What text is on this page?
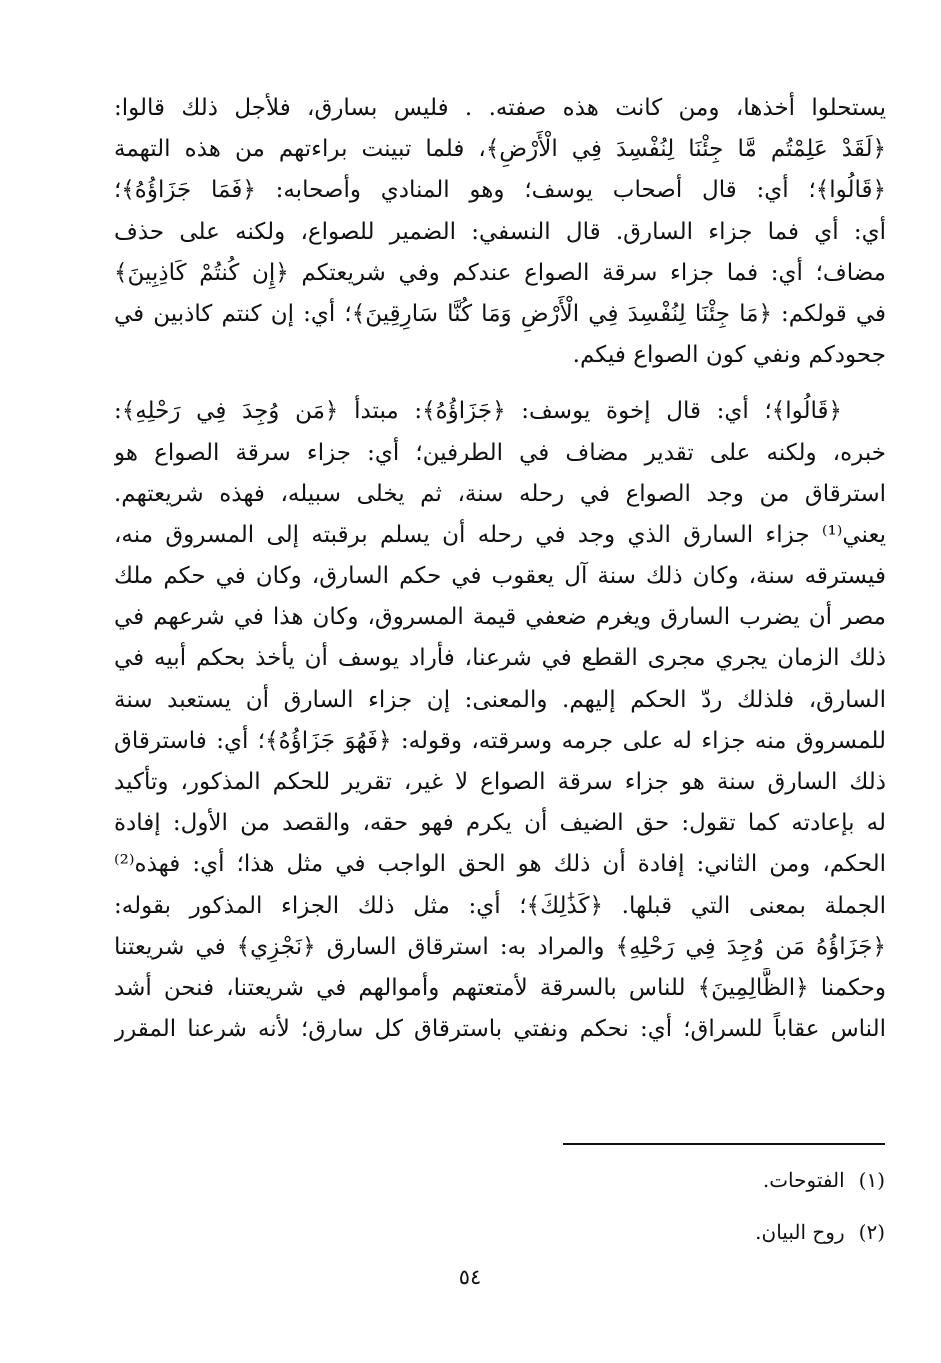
يستحلوا أخذها، ومن كانت هذه صفته. . فليس بسارق، فلأجل ذلك قالوا:
﴿لَقَدْ عَلِمْتُم مَّا جِئْنَا لِنُفْسِدَ فِي الْأَرْضِ﴾، فلما تبينت براءتهم من هذه التهمة
﴿قَالُوا﴾؛ أي: قال أصحاب يوسف؛ وهو المنادي وأصحابه: ﴿فَمَا جَزَاؤُهُ﴾؛
أي: أي فما جزاء السارق. قال النسفي: الضمير للصواع، ولكنه على حذف
مضاف؛ أي: فما جزاء سرقة الصواع عندكم وفي شريعتكم ﴿إِن كُنتُمْ كَاذِبِينَ﴾
في قولكم: ﴿مَا جِئْنَا لِنُفْسِدَ فِي الْأَرْضِ وَمَا كُنَّا سَارِقِينَ﴾؛ أي: إن كنتم كاذبين في
جحودكم ونفي كون الصواع فيكم.
﴿قَالُوا﴾؛ أي: قال إخوة يوسف: ﴿جَزَاؤُهُ﴾: مبتدأ ﴿مَن وُجِدَ فِي رَحْلِهِ﴾:
خبره، ولكنه على تقدير مضاف في الطرفين؛ أي: جزاء سرقة الصواع هو
استرقاق من وجد الصواع في رحله سنة، ثم يخلى سبيله، فهذه شريعتهم.
يعني⁽¹⁾ جزاء السارق الذي وجد في رحله أن يسلم برقبته إلى المسروق منه،
فيسترقه سنة، وكان ذلك سنة آل يعقوب في حكم السارق، وكان في حكم ملك
مصر أن يضرب السارق ويغرم ضعفي قيمة المسروق، وكان هذا في شرعهم في
ذلك الزمان يجري مجرى القطع في شرعنا، فأراد يوسف أن يأخذ بحكم أبيه في
السارق، فلذلك ردّ الحكم إليهم. والمعنى: إن جزاء السارق أن يستعبد سنة
للمسروق منه جزاء له على جرمه وسرقته، وقوله: ﴿فَهُوَ جَزَاؤُهُ﴾؛ أي: فاسترقاق
ذلك السارق سنة هو جزاء سرقة الصواع لا غير، تقرير للحكم المذكور، وتأكيد
له بإعادته كما تقول: حق الضيف أن يكرم فهو حقه، والقصد من الأول: إفادة
الحكم، ومن الثاني: إفادة أن ذلك هو الحق الواجب في مثل هذا؛ أي: فهذه⁽²⁾
الجملة بمعنى التي قبلها. ﴿كَذَٰلِكَ﴾؛ أي: مثل ذلك الجزاء المذكور بقوله:
﴿جَزَاؤُهُ مَن وُجِدَ فِي رَحْلِهِ﴾ والمراد به: استرقاق السارق ﴿نَجْزِي﴾ في شريعتنا
وحكمنا ﴿الظَّالِمِينَ﴾ للناس بالسرقة لأمتعتهم وأموالهم في شريعتنا، فنحن أشد
الناس عقاباً للسراق؛ أي: نحكم ونفتي باسترقاق كل سارق؛ لأنه شرعنا المقرر
(١)الفتوحات.
(٢)روح البيان.
٥٤
